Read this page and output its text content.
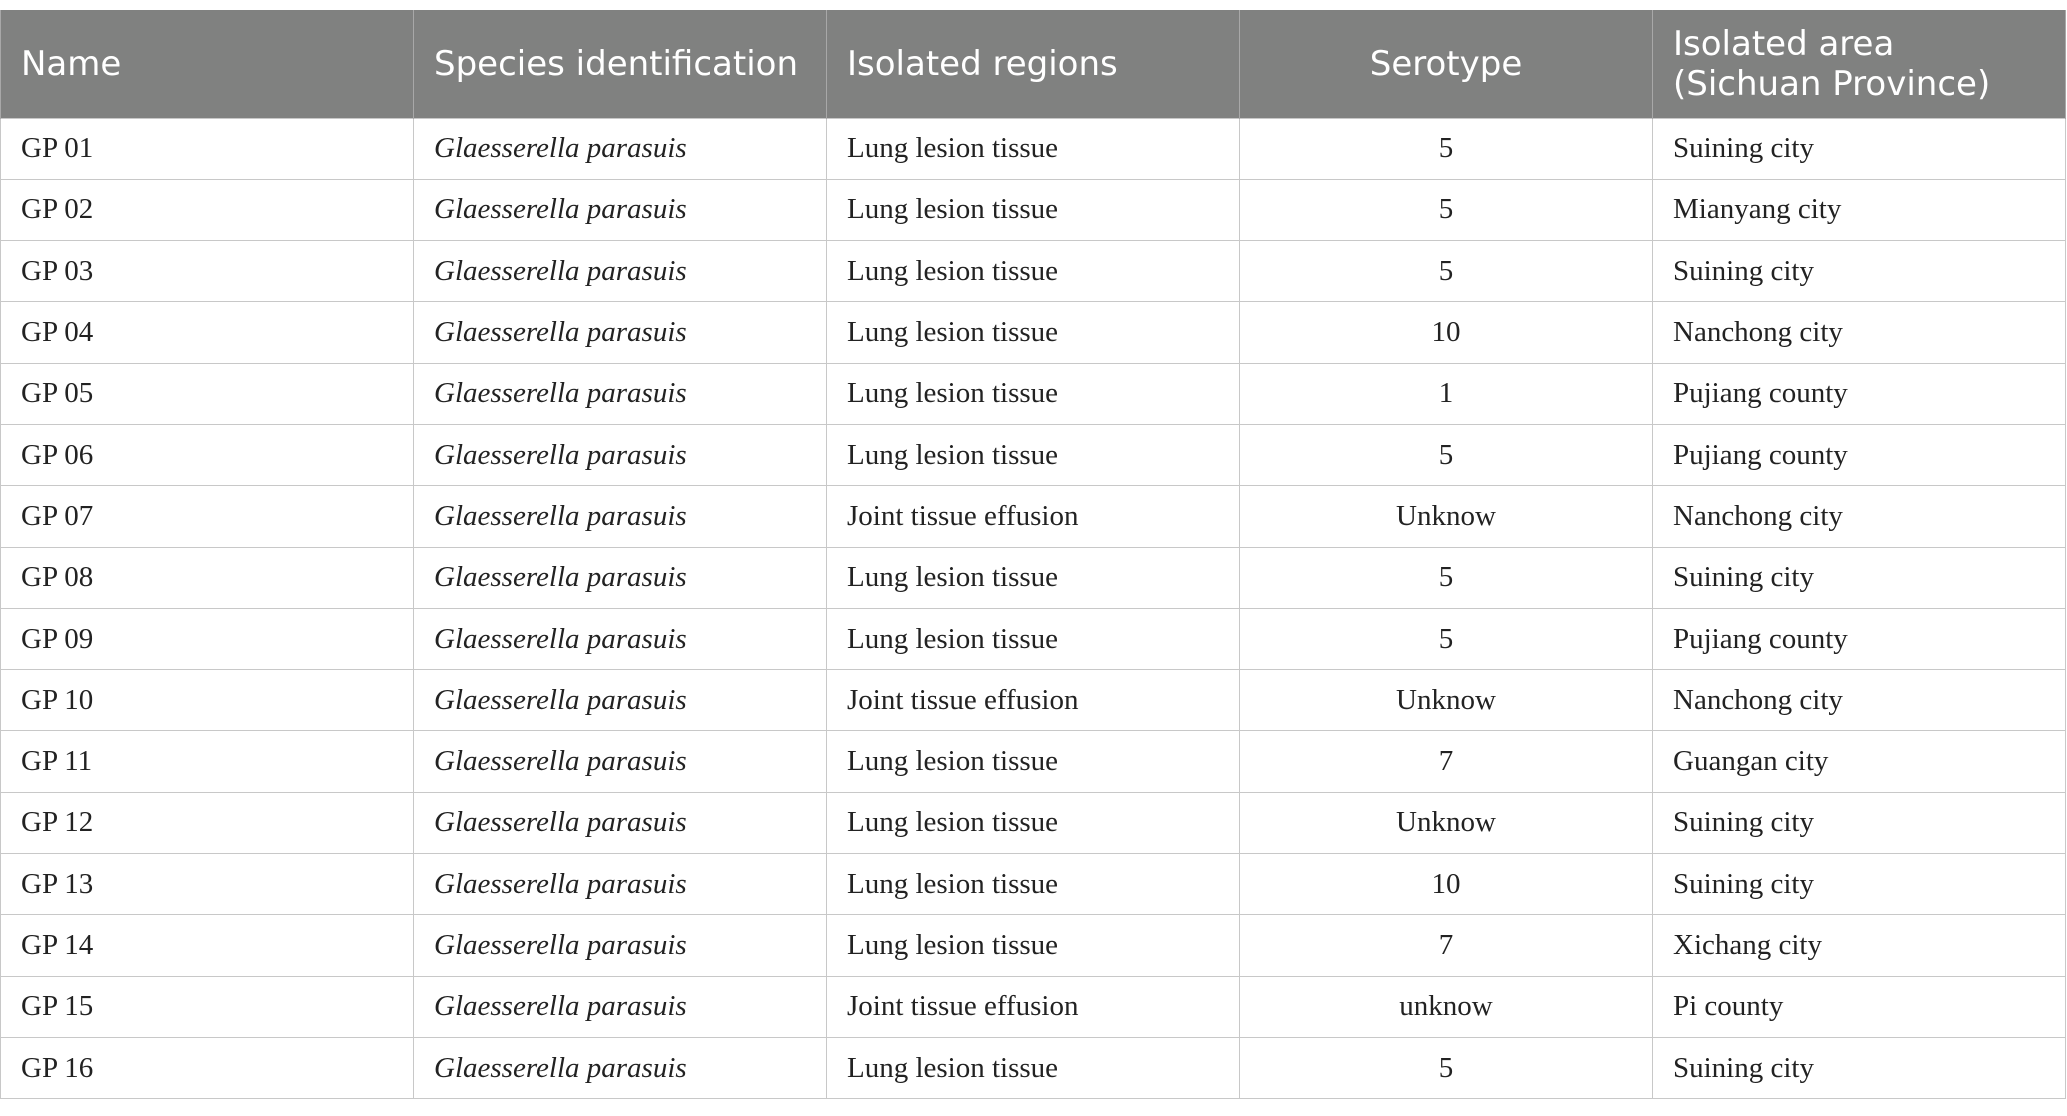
Name	Species identification	Isolated regions	Serotype	Isolated area
(Sichuan Province)
GP 01	Glaesserella parasuis	Lung lesion tissue	5	Suining city
GP 02	Glaesserella parasuis	Lung lesion tissue	5	Mianyang city
GP 03	Glaesserella parasuis	Lung lesion tissue	5	Suining city
GP 04	Glaesserella parasuis	Lung lesion tissue	10	Nanchong city
GP 05	Glaesserella parasuis	Lung lesion tissue	1	Pujiang county
GP 06	Glaesserella parasuis	Lung lesion tissue	5	Pujiang county
GP 07	Glaesserella parasuis	Joint tissue effusion	Unknow	Nanchong city
GP 08	Glaesserella parasuis	Lung lesion tissue	5	Suining city
GP 09	Glaesserella parasuis	Lung lesion tissue	5	Pujiang county
GP 10	Glaesserella parasuis	Joint tissue effusion	Unknow	Nanchong city
GP 11	Glaesserella parasuis	Lung lesion tissue	7	Guangan city
GP 12	Glaesserella parasuis	Lung lesion tissue	Unknow	Suining city
GP 13	Glaesserella parasuis	Lung lesion tissue	10	Suining city
GP 14	Glaesserella parasuis	Lung lesion tissue	7	Xichang city
GP 15	Glaesserella parasuis	Joint tissue effusion	unknow	Pi county
GP 16	Glaesserella parasuis	Lung lesion tissue	5	Suining city
